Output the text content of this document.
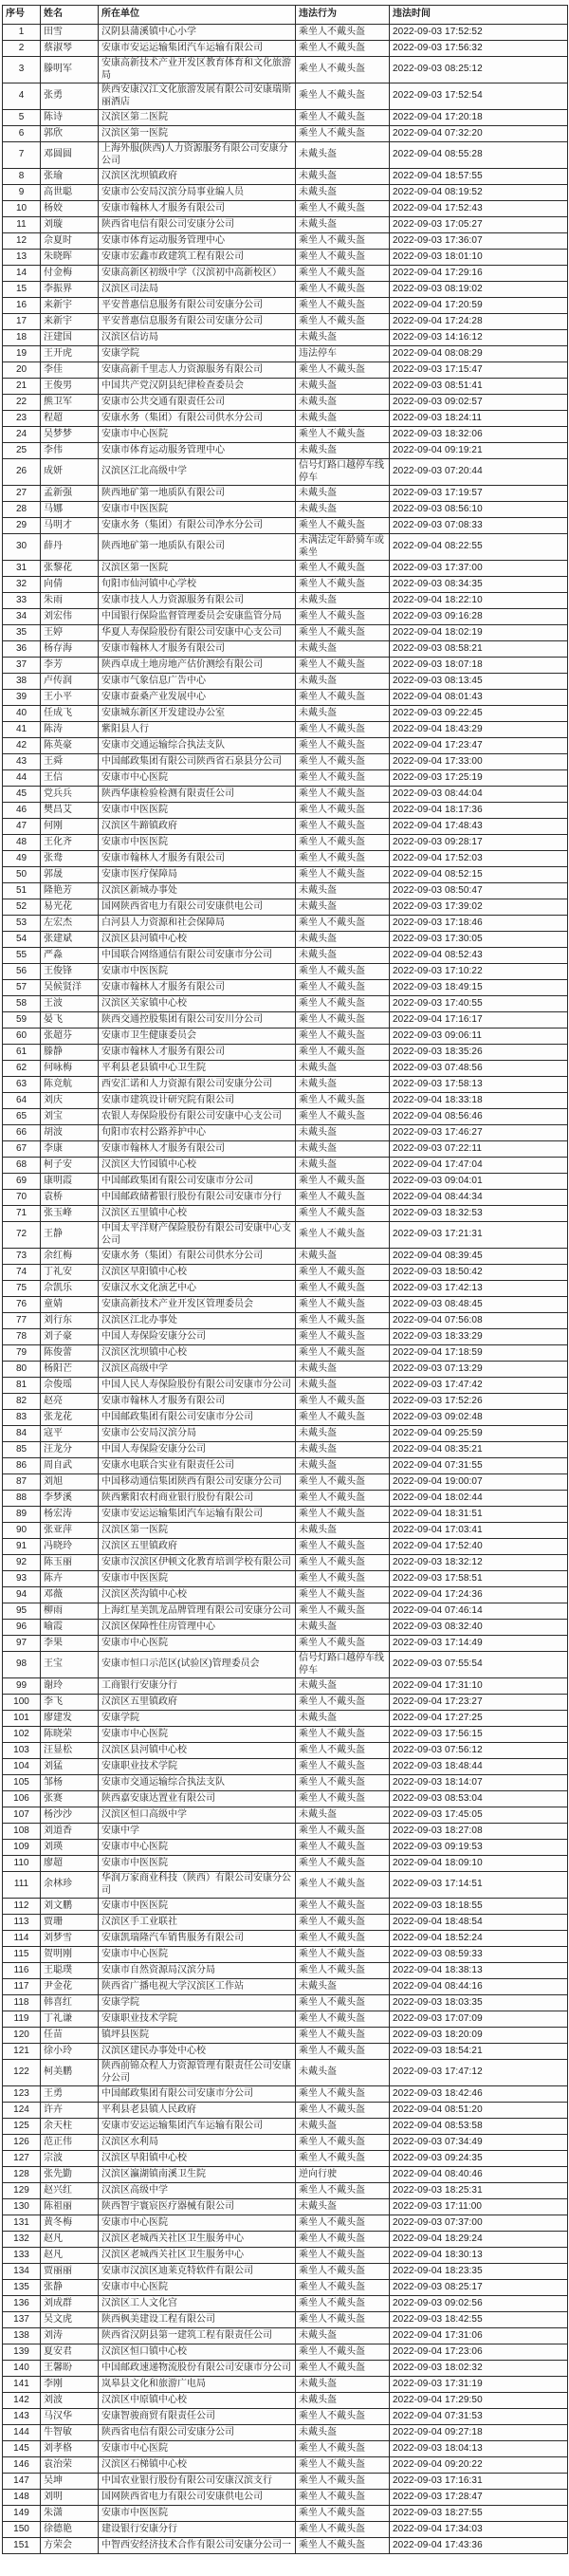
序号	姓名	所在单位	违法行为	违法时间
1	田雪	汉阴县蒲溪镇中心小学	乘坐人不戴头盔	2022-09-03 17:52:52
2	蔡淑琴	安康市安运运输集团汽车运输有限公司	乘坐人不戴头盔	2022-09-03 17:56:32
3	滕明军	安康高新技术产业开发区教育体育和文化旅游局	乘坐人不戴头盔	2022-09-03 08:25:12
4	张勇	陕西安康汉江文化旅游发展有限公司安康瑞斯丽酒店	乘坐人不戴头盔	2022-09-03 17:52:54
5	陈诗	汉滨区第二医院	乘坐人不戴头盔	2022-09-04 17:20:18
6	郭欣	汉滨区第一医院	乘坐人不戴头盔	2022-09-04 07:32:20
7	邓圆圆	上海外服(陕西)人力资源服务有限公司安康分公司	未戴头盔	2022-09-04 08:55:28
8	张瑜	汉滨区沈坝镇政府	未戴头盔	2022-09-04 18:57:55
9	高世聪	安康市公安局汉滨分局事业编人员	未戴头盔	2022-09-04 08:19:52
10	杨姣	安康市翰林人才服务有限公司	乘坐人不戴头盔	2022-09-04 17:52:43
11	刘璇	陕西省电信有限公司安康分公司	未戴头盔	2022-09-03 17:05:27
12	佘夏时	安康市体育运动服务管理中心	乘坐人不戴头盔	2022-09-03 17:36:07
13	朱晓晖	安康市宏鑫市政建筑工程有限公司	乘坐人不戴头盔	2022-09-03 18:01:10
14	付金梅	安康高新区初级中学（汉滨初中高新校区）	乘坐人不戴头盔	2022-09-04 17:29:16
15	李振界	汉滨区司法局	乘坐人不戴头盔	2022-09-03 08:19:02
16	来新宇	平安普惠信息服务有限公司安康分公司	乘坐人不戴头盔	2022-09-04 17:20:59
17	来新宇	平安普惠信息服务有限公司安康分公司	乘坐人不戴头盔	2022-09-04 17:24:28
18	汪建国	汉滨区信访局	未戴头盔	2022-09-03 14:16:12
19	王开虎	安康学院	违法停车	2022-09-04 08:08:29
20	李佳	安康高新千里志人力资源服务有限公司	乘坐人不戴头盔	2022-09-03 17:15:47
21	王俊男	中国共产党汉阴县纪律检查委员会	未戴头盔	2022-09-03 08:51:41
22	熊卫军	安康市公共交通有限责任公司	未戴头盔	2022-09-03 09:02:57
23	程超	安康水务（集团）有限公司供水分公司	未戴头盔	2022-09-03 18:24:11
24	吴梦梦	安康市中心医院	乘坐人不戴头盔	2022-09-03 18:32:06
25	李伟	安康市体育运动服务管理中心	未戴头盔	2022-09-04 09:19:21
26	成妍	汉滨区江北高级中学	信号灯路口越停车线停车	2022-09-03 07:20:44
27	孟新强	陕西地矿第一地质队有限公司	未戴头盔	2022-09-03 17:19:57
28	马娜	安康市中医医院	未戴头盔	2022-09-03 08:56:10
29	马明才	安康水务（集团）有限公司净水分公司	乘坐人不戴头盔	2022-09-03 07:08:33
30	薛丹	陕西地矿第一地质队有限公司	未满法定年龄骑车或乘坐	2022-09-04 08:22:55
31	张黎花	汉滨区第一医院	乘坐人不戴头盔	2022-09-03 17:37:00
32	向倩	旬阳市仙河镇中心学校	乘坐人不戴头盔	2022-09-03 08:34:35
33	朱雨	安康市技人人力资源服务有限公司	未戴头盔	2022-09-04 18:22:10
34	刘宏伟	中国银行保险监督管理委员会安康监管分局	乘坐人不戴头盔	2022-09-03 09:16:28
35	王婷	华夏人寿保险股份有限公司安康中心支公司	乘坐人不戴头盔	2022-09-04 18:02:19
36	杨存海	安康市翰林人才服务有限公司	未戴头盔	2022-09-03 08:58:21
37	李芳	陕西卓成土地房地产估价测绘有限公司	乘坐人不戴头盔	2022-09-03 18:07:18
38	卢传润	安康市气象信息广告中心	未戴头盔	2022-09-03 08:13:45
39	王小平	安康市蚕桑产业发展中心	乘坐人不戴头盔	2022-09-04 08:01:43
40	任成飞	安康城东新区开发建设办公室	未戴头盔	2022-09-03 09:22:45
41	陈涛	紫阳县人行	乘坐人不戴头盔	2022-09-04 18:43:29
42	陈英豪	安康市交通运输综合执法支队	乘坐人不戴头盔	2022-09-04 17:23:47
43	王舜	中国邮政集团有限公司陕西省石泉县分公司	乘坐人不戴头盔	2022-09-04 17:33:00
44	王信	安康市中心医院	乘坐人不戴头盔	2022-09-03 17:25:19
45	党兵兵	陕西华康检验检测有限责任公司	乘坐人不戴头盔	2022-09-03 08:44:04
46	樊昌艾	安康市中医医院	乘坐人不戴头盔	2022-09-04 18:17:36
47	何刚	汉滨区牛蹄镇政府	乘坐人不戴头盔	2022-09-04 17:48:43
48	王化齐	安康市中医医院	乘坐人不戴头盔	2022-09-03 09:28:17
49	张鸯	安康市翰林人才服务有限公司	乘坐人不戴头盔	2022-09-04 17:52:03
50	郭晟	安康市医疗保障局	乘坐人不戴头盔	2022-09-04 08:52:15
51	隆艳芳	汉滨区新城办事处	未戴头盔	2022-09-03 08:50:47
52	易光花	国网陕西省电力有限公司安康供电公司	未戴头盔	2022-09-03 17:39:02
53	左宏杰	白河县人力资源和社会保障局	乘坐人不戴头盔	2022-09-03 17:18:46
54	张建斌	汉滨区县河镇中心校	未戴头盔	2022-09-03 17:30:05
55	严淼	中国联合网络通信有限公司安康市分公司	未戴头盔	2022-09-04 08:52:43
56	王俊锋	安康市中医医院	乘坐人不戴头盔	2022-09-03 17:10:22
57	吴候贤洋	安康市翰林人才服务有限公司	乘坐人不戴头盔	2022-09-03 18:49:15
58	王波	汉滨区关家镇中心校	乘坐人不戴头盔	2022-09-03 17:40:55
59	晏飞	陕西交通控股集团有限公司安川分公司	乘坐人不戴头盔	2022-09-04 17:16:17
60	张超芬	安康市卫生健康委员会	乘坐人不戴头盔	2022-09-03 09:06:11
61	滕静	安康市翰林人才服务有限公司	乘坐人不戴头盔	2022-09-03 18:35:26
62	何咏梅	平利县老县镇中心卫生院	未戴头盔	2022-09-03 07:48:56
63	陈竞航	西安汇诺和人力资源有限公司安康分公司	未戴头盔	2022-09-03 17:58:13
64	刘庆	安康市建筑设计研究院有限公司	乘坐人不戴头盔	2022-09-04 18:33:18
65	刘宝	农银人寿保险股份有限公司安康中心支公司	乘坐人不戴头盔	2022-09-04 08:56:46
66	胡波	旬阳市农村公路养护中心	未戴头盔	2022-09-03 17:46:27
67	李康	安康市翰林人才服务有限公司	未戴头盔	2022-09-03 07:22:11
68	柯子安	汉滨区大竹园镇中心校	未戴头盔	2022-09-04 17:47:04
69	康明霞	中国邮政集团有限公司安康市分公司	乘坐人不戴头盔	2022-09-03 09:04:01
70	袁桥	中国邮政储蓄银行股份有限公司安康市分行	乘坐人不戴头盔	2022-09-04 08:44:34
71	张玉峰	汉滨区五里镇中心校	乘坐人不戴头盔	2022-09-03 18:32:53
72	王静	中国太平洋财产保险股份有限公司安康中心支公司	乘坐人不戴头盔	2022-09-03 17:21:31
73	余红梅	安康水务（集团）有限公司供水分公司	未戴头盔	2022-09-04 08:39:45
74	丁礼安	汉滨区早阳镇中心校	乘坐人不戴头盔	2022-09-03 18:50:42
75	佘凯乐	安康汉水文化演艺中心	乘坐人不戴头盔	2022-09-03 17:42:13
76	童婧	安康高新技术产业开发区管理委员会	乘坐人不戴头盔	2022-09-03 08:48:45
77	刘行东	汉滨区江北办事处	乘坐人不戴头盔	2022-09-04 07:56:08
78	刘子豪	中国人寿保险安康分公司	乘坐人不戴头盔	2022-09-03 18:33:29
79	陈俊蕾	汉滨区沈坝镇中心校	乘坐人不戴头盔	2022-09-04 17:18:59
80	杨阳芒	汉滨区高级中学	未戴头盔	2022-09-03 07:13:29
81	佘俊瑶	中国人民人寿保险股份有限公司安康市分公司	未戴头盔	2022-09-03 17:47:42
82	赵亮	安康市翰林人才服务有限公司	乘坐人不戴头盔	2022-09-03 17:52:26
83	张龙花	中国邮政集团有限公司安康市分公司	乘坐人不戴头盔	2022-09-03 09:02:48
84	寇平	安康市公安局汉滨分局	未戴头盔	2022-09-04 09:25:59
85	汪龙分	中国人寿保险安康分公司	未戴头盔	2022-09-04 08:35:21
86	周自武	安康水电联合实业有限责任公司	未戴头盔	2022-09-04 07:31:55
87	刘旭	中国移动通信集团陕西有限公司安康分公司	乘坐人不戴头盔	2022-09-04 19:00:07
88	李梦溪	陕西紫阳农村商业银行股份有限公司	乘坐人不戴头盔	2022-09-04 18:02:44
89	杨宏涛	安康市安运运输集团汽车运输有限公司	乘坐人不戴头盔	2022-09-04 18:31:51
90	张亚萍	汉滨区第一医院	未戴头盔	2022-09-04 17:03:41
91	冯晓玲	汉滨区五里镇政府	乘坐人不戴头盔	2022-09-04 17:52:40
92	陈玉丽	安康市汉滨区伊顿文化教育培训学校有限公司	乘坐人不戴头盔	2022-09-03 18:32:12
93	陈卉	安康市中医医院	乘坐人不戴头盔	2022-09-03 17:58:51
94	邓薇	汉滨区茨沟镇中心校	乘坐人不戴头盔	2022-09-04 17:24:36
95	柳雨	上海红星美凯龙品牌管理有限公司安康分公司	乘坐人不戴头盔	2022-09-04 07:46:14
96	喻霞	汉滨区保障性住房管理中心	未戴头盔	2022-09-03 08:32:40
97	李果	安康市中心医院	乘坐人不戴头盔	2022-09-03 17:14:49
98	王宝	安康市恒口示范区(试验区)管理委员会	信号灯路口越停车线停车	2022-09-03 07:55:54
99	谢玲	工商银行安康分行	未戴头盔	2022-09-04 17:31:10
100	李飞	汉滨区五里镇政府	乘坐人不戴头盔	2022-09-04 17:23:27
101	廖建发	安康学院	未戴头盔	2022-09-04 17:27:25
102	陈晓荣	安康市中心医院	乘坐人不戴头盔	2022-09-03 17:56:15
103	汪显松	汉滨区县河镇中心校	乘坐人不戴头盔	2022-09-03 07:56:12
104	刘猛	安康职业技术学院	乘坐人不戴头盔	2022-09-03 18:48:44
105	邹杨	安康市交通运输综合执法支队	乘坐人不戴头盔	2022-09-03 18:14:07
106	张赛	陕西嘉安康达置业有限公司	乘坐人不戴头盔	2022-09-03 08:53:04
107	杨沙沙	汉滨区恒口高级中学	未戴头盔	2022-09-03 17:45:05
108	刘道香	安康中学	乘坐人不戴头盔	2022-09-03 18:27:08
109	刘瑛	安康市中心医院	乘坐人不戴头盔	2022-09-03 09:19:53
110	廖超	安康市中医医院	乘坐人不戴头盔	2022-09-04 18:09:10
111	余林珍	华润万家商业科技（陕西）有限公司安康分公司	乘坐人不戴头盔	2022-09-03 17:14:51
112	刘文鹏	安康市中医医院	乘坐人不戴头盔	2022-09-03 18:18:55
113	贾珊	汉滨区手工业联社	乘坐人不戴头盔	2022-09-04 18:48:54
114	刘梦雪	安康凯瑞隆汽车销售服务有限公司	乘坐人不戴头盔	2022-09-04 18:52:24
115	贺明刚	安康市中心医院	乘坐人不戴头盔	2022-09-03 08:59:33
116	王聪璞	安康市自然资源局汉滨分局	乘坐人不戴头盔	2022-09-04 18:38:13
117	尹金花	陕西省广播电视大学汉滨区工作站	未戴头盔	2022-09-04 08:44:16
118	韩喜红	安康学院	乘坐人不戴头盔	2022-09-03 18:03:35
119	丁礼谦	安康职业技术学院	乘坐人不戴头盔	2022-09-03 17:07:09
120	任苗	镇坪县医院	乘坐人不戴头盔	2022-09-03 18:20:09
121	徐小玲	汉滨区建民办事处中心校	乘坐人不戴头盔	2022-09-03 18:54:21
122	柯美鹏	陕西前锦众程人力资源管理有限责任公司安康分公司	未戴头盔	2022-09-03 17:47:12
123	王勇	中国邮政集团有限公司安康市分公司	乘坐人不戴头盔	2022-09-03 18:42:46
124	许卉	平利县老县镇人民政府	乘坐人不戴头盔	2022-09-04 08:51:20
125	余天柱	安康市安运运输集团汽车运输有限公司	未戴头盔	2022-09-04 08:53:58
126	范正伟	汉滨区水利局	乘坐人不戴头盔	2022-09-03 07:34:49
127	宗波	汉滨区早阳镇中心校	乘坐人不戴头盔	2022-09-03 09:24:35
128	张先勤	汉滨区瀛湖镇南溪卫生院	逆向行驶	2022-09-04 08:40:46
129	赵兴红	汉滨区高级中学	乘坐人不戴头盔	2022-09-03 18:25:31
130	陈祖丽	陕西智宇寰宸医疗器械有限公司	未戴头盔	2022-09-03 17:11:00
131	黄冬梅	安康市中心医院	乘坐人不戴头盔	2022-09-03 07:37:00
132	赵凡	汉滨区老城西关社区卫生服务中心	乘坐人不戴头盔	2022-09-04 18:29:24
133	赵凡	汉滨区老城西关社区卫生服务中心	乘坐人不戴头盔	2022-09-04 18:30:13
134	贾丽丽	安康市汉滨区迪莱克特软件有限公司	乘坐人不戴头盔	2022-09-04 18:23:35
135	张静	安康市中心医院	乘坐人不戴头盔	2022-09-03 08:25:17
136	刘成群	汉滨区工人文化宫	乘坐人不戴头盔	2022-09-03 09:02:56
137	吴文虎	陕西枫美建设工程有限公司	乘坐人不戴头盔	2022-09-03 18:42:55
138	刘涛	陕西省汉阴县第一建筑工程有限责任公司	未戴头盔	2022-09-04 17:31:06
139	夏安君	汉滨区恒口镇中心校	乘坐人不戴头盔	2022-09-04 17:23:06
140	王馨盼	中国邮政速递物流股份有限公司安康市分公司	乘坐人不戴头盔	2022-09-03 18:02:32
141	李刚	岚皋县文化和旅游广电局	未戴头盔	2022-09-03 17:31:19
142	刘波	汉滨区中原镇中心校	未戴头盔	2022-09-04 17:29:50
143	马汉华	安康智骏商贸有限责任公司	乘坐人不戴头盔	2022-09-04 07:31:53
144	牛智敏	陕西省电信有限公司安康分公司	未戴头盔	2022-09-04 09:27:18
145	刘孝格	安康市中心医院	乘坐人不戴头盔	2022-09-03 18:04:13
146	袁治荣	汉滨区石梯镇中心校	乘坐人不戴头盔	2022-09-04 09:20:22
147	吴坤	中国农业银行股份有限公司安康汉滨支行	乘坐人不戴头盔	2022-09-03 17:16:31
148	刘明	国网陕西省电力有限公司安康供电公司	乘坐人不戴头盔	2022-09-03 17:28:47
149	朱潇	安康市中医医院	乘坐人不戴头盔	2022-09-03 18:27:55
150	徐德艳	建设银行安康分行	乘坐人不戴头盔	2022-09-04 17:34:03
151	方荣会	中智西安经济技术合作有限公司安康分公司一	乘坐人不戴头盔	2022-09-04 17:43:36
